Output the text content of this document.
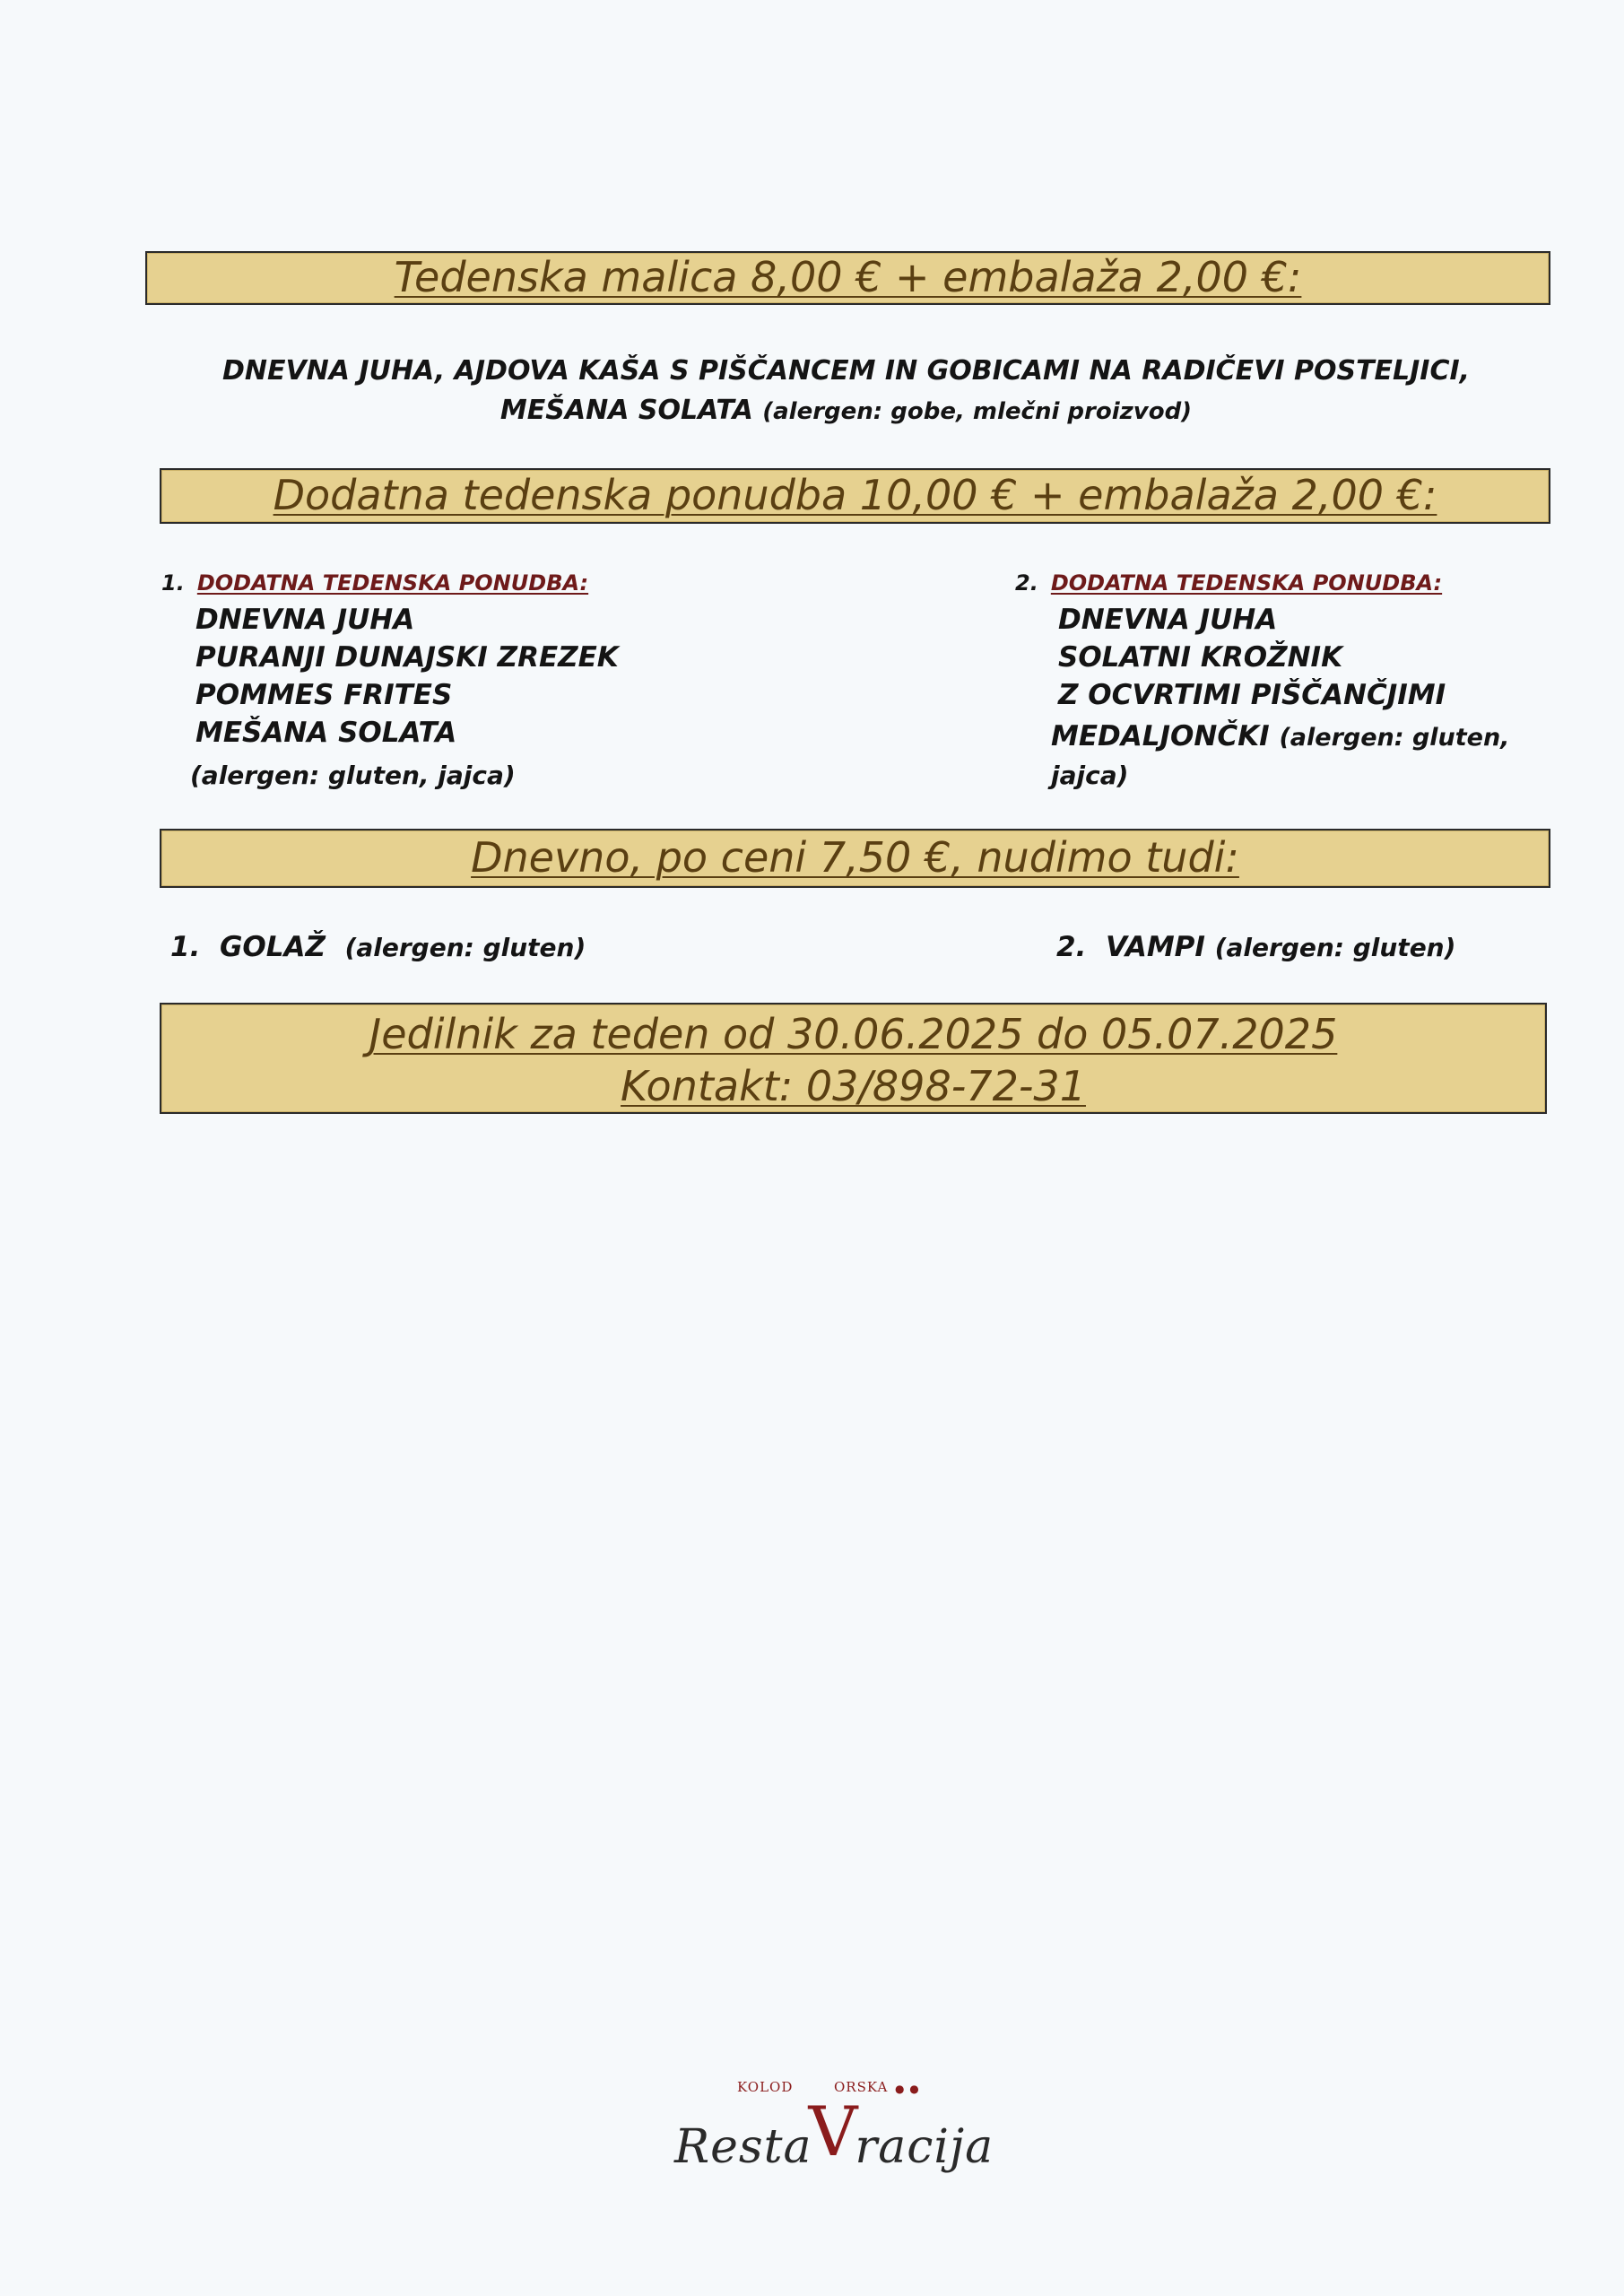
Tedenska malica 8,00 € + embalaža 2,00 €:
DNEVNA JUHA, AJDOVA KAŠA S PIŠČANCEM IN GOBICAMI NA RADIČEVI POSTELJICI,
MEŠANA SOLATA (alergen: gobe, mlečni proizvod)
Dodatna tedenska ponudba 10,00 € + embalaža 2,00 €:
1. DODATNA TEDENSKA PONUDBA:
DNEVNA JUHA
PURANJI DUNAJSKI ZREZEK
POMMES FRITES
MEŠANA SOLATA
(alergen: gluten, jajca)
2. DODATNA TEDENSKA PONUDBA:
DNEVNA JUHA
SOLATNI KROŽNIK
Z OCVRTIMI PIŠČANČJIMI
MEDALJONČKI (alergen: gluten,
jajca)
Dnevno, po ceni 7,50 €, nudimo tudi:
1. GOLAŽ (alergen: gluten)	2. VAMPI (alergen: gluten)
Jedilnik za teden od 30.06.2025 do 05.07.2025
Kontakt: 03/898-72-31
KOLOD	ORSKA ● ●
RestaVracija
